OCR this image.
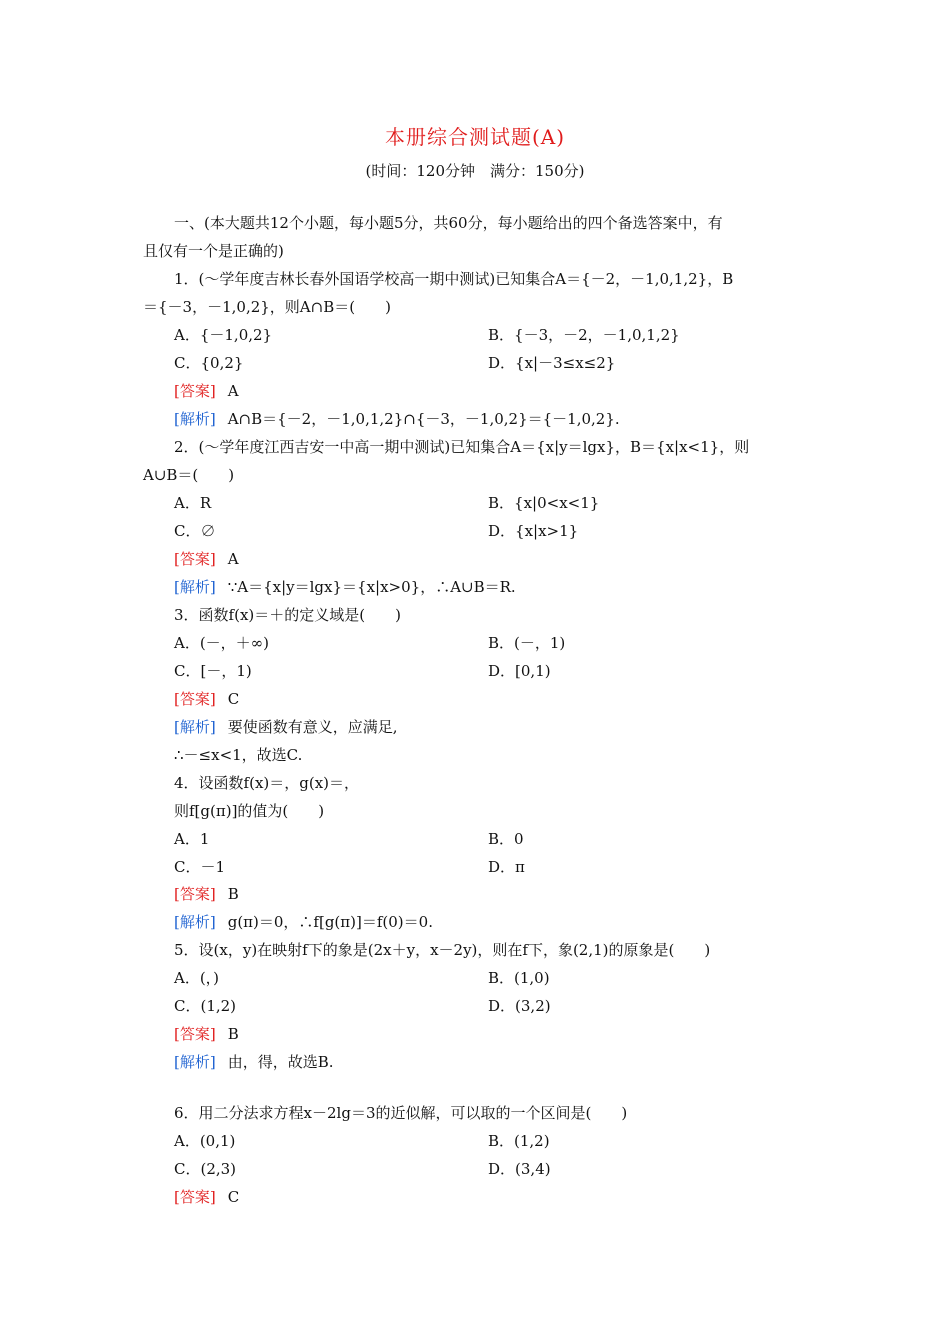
本册综合测试题(A)
(时间：120分钟　满分：150分)
一、(本大题共12个小题，每小题5分，共60分，每小题给出的四个备选答案中，有
且仅有一个是正确的)
1．(～学年度吉林长春外国语学校高一期中测试)已知集合A＝{－2，－1,0,1,2}，B
＝{－3，－1,0,2}，则A∩B＝(　　)
A．{－1,0,2}	B．{－3，－2，－1,0,1,2}
C．{0,2}	D．{x|－3≤x≤2}
[答案] A
[解析] A∩B＝{－2，－1,0,1,2}∩{－3，－1,0,2}＝{－1,0,2}.
2．(～学年度江西吉安一中高一期中测试)已知集合A＝{x|y＝lgx}，B＝{x|x<1}，则
A∪B＝(　　)
A．R	B．{x|0<x<1}
C．∅	D．{x|x>1}
[答案] A
[解析] ∵A＝{x|y＝lgx}＝{x|x>0}，∴A∪B＝R.
3．函数f(x)＝＋的定义域是(　　)
A．(－，＋∞)	B．(－，1)
C．[－，1)	D．[0,1)
[答案] C
[解析] 要使函数有意义，应满足,
∴－≤x<1，故选C.
4．设函数f(x)＝，g(x)＝，
则f[g(π)]的值为(　　)
A．1	B．0
C．－1	D．π
[答案] B
[解析] g(π)＝0，∴f[g(π)]＝f(0)＝0.
5．设(x，y)在映射f下的象是(2x＋y，x－2y)，则在f下，象(2,1)的原象是(　　)
A．(，)	B．(1,0)
C．(1,2)	D．(3,2)
[答案] B
[解析] 由，得，故选B.
6．用二分法求方程x－2lg＝3的近似解，可以取的一个区间是(　　)
A．(0,1)	B．(1,2)
C．(2,3)	D．(3,4)
[答案] C
